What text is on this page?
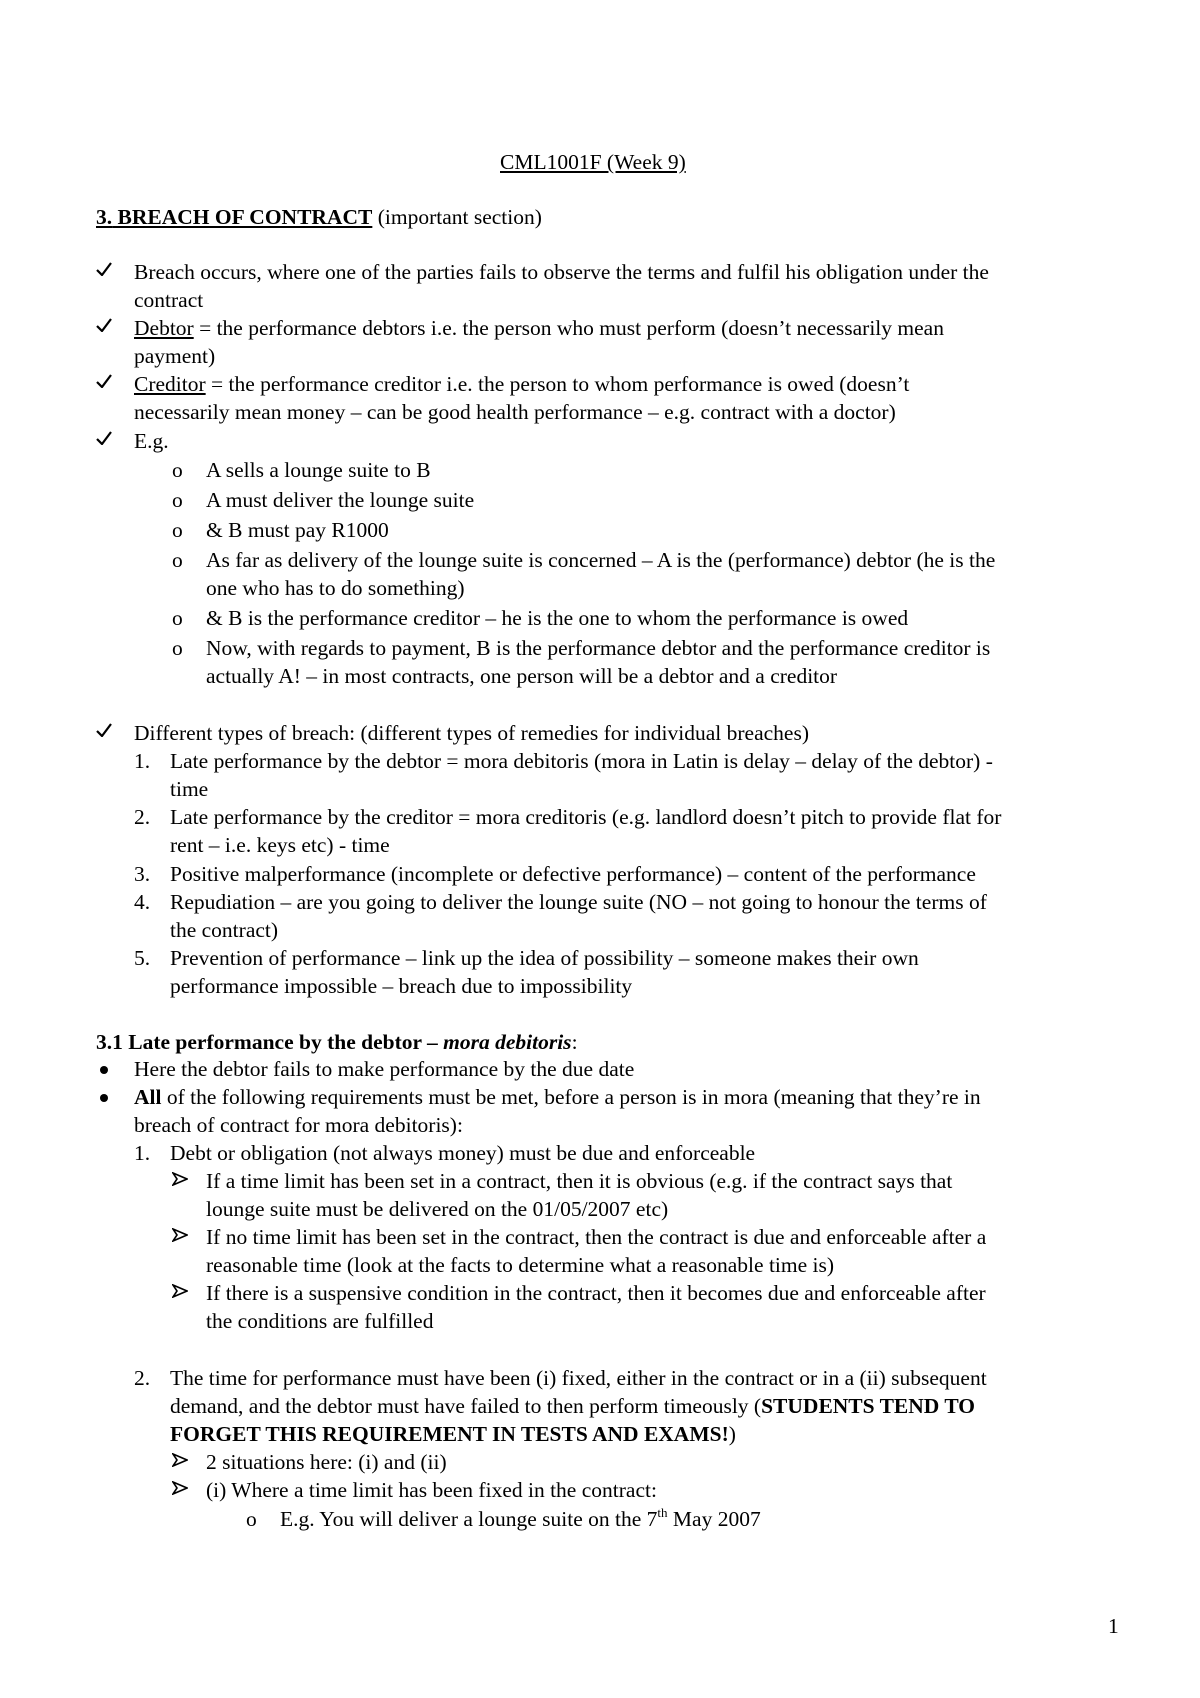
CML1001F (Week 9)
3. BREACH OF CONTRACT (important section)
Breach occurs, where one of the parties fails to observe the terms and fulfil his obligation under the
contract
Debtor = the performance debtors i.e. the person who must perform (doesn’t necessarily mean
payment)
Creditor = the performance creditor i.e. the person to whom performance is owed (doesn’t
necessarily mean money – can be good health performance – e.g. contract with a doctor)
E.g.
o A sells a lounge suite to B
o A must deliver the lounge suite
o & B must pay R1000
o As far as delivery of the lounge suite is concerned – A is the (performance) debtor (he is the
one who has to do something)
o & B is the performance creditor – he is the one to whom the performance is owed
o Now, with regards to payment, B is the performance debtor and the performance creditor is
actually A! – in most contracts, one person will be a debtor and a creditor
Different types of breach: (different types of remedies for individual breaches)
1. Late performance by the debtor = mora debitoris (mora in Latin is delay – delay of the debtor) -
time
2. Late performance by the creditor = mora creditoris (e.g. landlord doesn’t pitch to provide flat for
rent – i.e. keys etc) - time
3. Positive malperformance (incomplete or defective performance) – content of the performance
4. Repudiation – are you going to deliver the lounge suite (NO – not going to honour the terms of
the contract)
5. Prevention of performance – link up the idea of possibility – someone makes their own
performance impossible – breach due to impossibility
3.1 Late performance by the debtor – mora debitoris:
Here the debtor fails to make performance by the due date
All of the following requirements must be met, before a person is in mora (meaning that they’re in
breach of contract for mora debitoris):
1. Debt or obligation (not always money) must be due and enforceable
If a time limit has been set in a contract, then it is obvious (e.g. if the contract says that
lounge suite must be delivered on the 01/05/2007 etc)
If no time limit has been set in the contract, then the contract is due and enforceable after a
reasonable time (look at the facts to determine what a reasonable time is)
If there is a suspensive condition in the contract, then it becomes due and enforceable after
the conditions are fulfilled
2. The time for performance must have been (i) fixed, either in the contract or in a (ii) subsequent
demand, and the debtor must have failed to then perform timeously (STUDENTS TEND TO
FORGET THIS REQUIREMENT IN TESTS AND EXAMS!)
2 situations here: (i) and (ii)
(i) Where a time limit has been fixed in the contract:
o E.g. You will deliver a lounge suite on the 7th May 2007
1
